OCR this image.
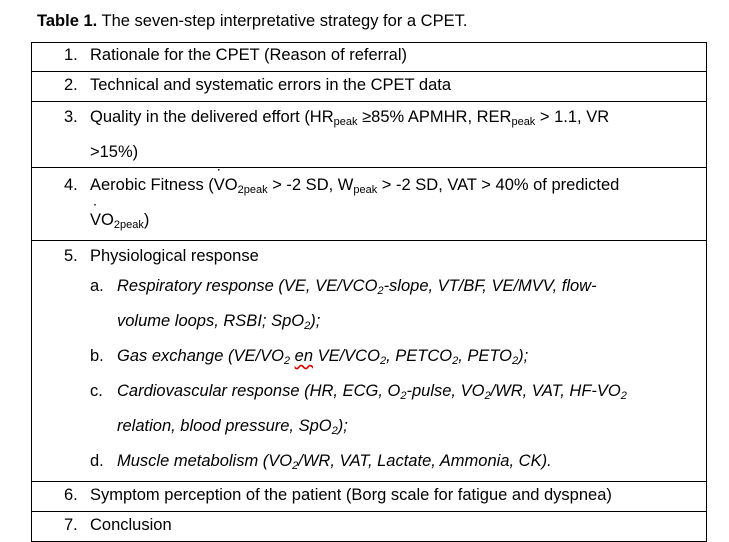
Table 1. The seven-step interpretative strategy for a CPET.
1. Rationale for the CPET (Reason of referral)

2. Technical and systematic errors in the CPET data

3. Quality in the delivered effort ($HR_{peak} \ge 85\%$ APMHR, $RER_{peak} > 1.1$, VR
>15%)

4. Aerobic Fitness (˙ $VO_{2peak} > -2$ SD, $W_{peak} > -2$ SD, VAT > 40% of predicted
˙ $VO_{2peak}$)

5. Physiological response
a. Respiratory response (VE, $VE/VCO_2$-slope, VT/BF, VE/MVV, flow-
volume loops, RSBI; SpO$_2$);
b. Gas exchange ($VE/VO_2$ en $VE/VCO_2$, $PETCO_2$, $PETO_2$);
c. Cardiovascular response (HR, ECG, $O_2$-pulse, $VO_2/WR$, VAT, $HF-VO_2$
relation, blood pressure, SpO$_2$);
d. Muscle metabolism ($VO_2/WR$, VAT, Lactate, Ammonia, CK).

6. Symptom perception of the patient (Borg scale for fatigue and dyspnea)

7. Conclusion
